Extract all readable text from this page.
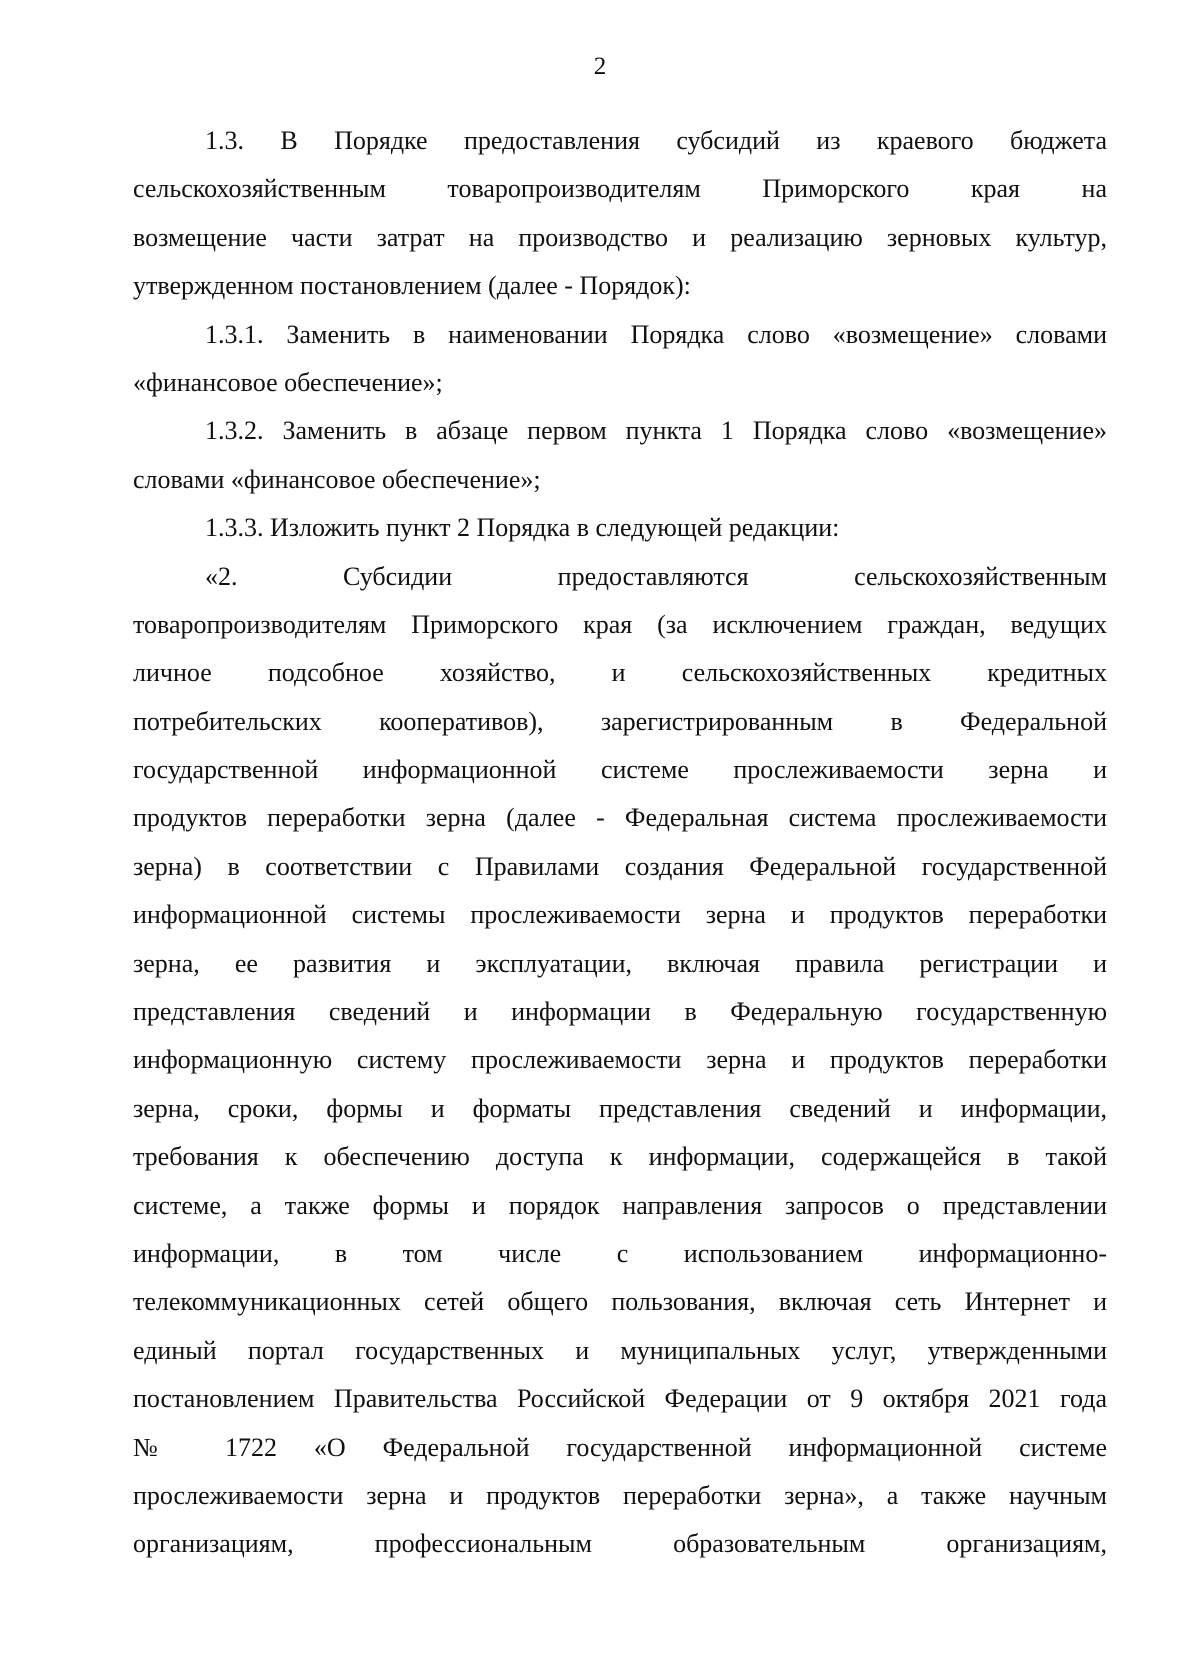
2
1.3. В Порядке предоставления субсидий из краевого бюджета
сельскохозяйственным товаропроизводителям Приморского края на
возмещение части затрат на производство и реализацию зерновых культур,
утвержденном постановлением (далее - Порядок):
1.3.1. Заменить в наименовании Порядка слово «возмещение» словами
«финансовое обеспечение»;
1.3.2. Заменить в абзаце первом пункта 1 Порядка слово «возмещение»
словами «финансовое обеспечение»;
1.3.3. Изложить пункт 2 Порядка в следующей редакции:
«2. Субсидии предоставляются сельскохозяйственным
товаропроизводителям Приморского края (за исключением граждан, ведущих
личное подсобное хозяйство, и сельскохозяйственных кредитных
потребительских кооперативов), зарегистрированным в Федеральной
государственной информационной системе прослеживаемости зерна и
продуктов переработки зерна (далее - Федеральная система прослеживаемости
зерна) в соответствии с Правилами создания Федеральной государственной
информационной системы прослеживаемости зерна и продуктов переработки
зерна, ее развития и эксплуатации, включая правила регистрации и
представления сведений и информации в Федеральную государственную
информационную систему прослеживаемости зерна и продуктов переработки
зерна, сроки, формы и форматы представления сведений и информации,
требования к обеспечению доступа к информации, содержащейся в такой
системе, а также формы и порядок направления запросов о представлении
информации, в том числе с использованием информационно-
телекоммуникационных сетей общего пользования, включая сеть Интернет и
единый портал государственных и муниципальных услуг, утвержденными
постановлением Правительства Российской Федерации от 9 октября 2021 года
№ 1722 «О Федеральной государственной информационной системе
прослеживаемости зерна и продуктов переработки зерна», а также научным
организациям, профессиональным образовательным организациям,
